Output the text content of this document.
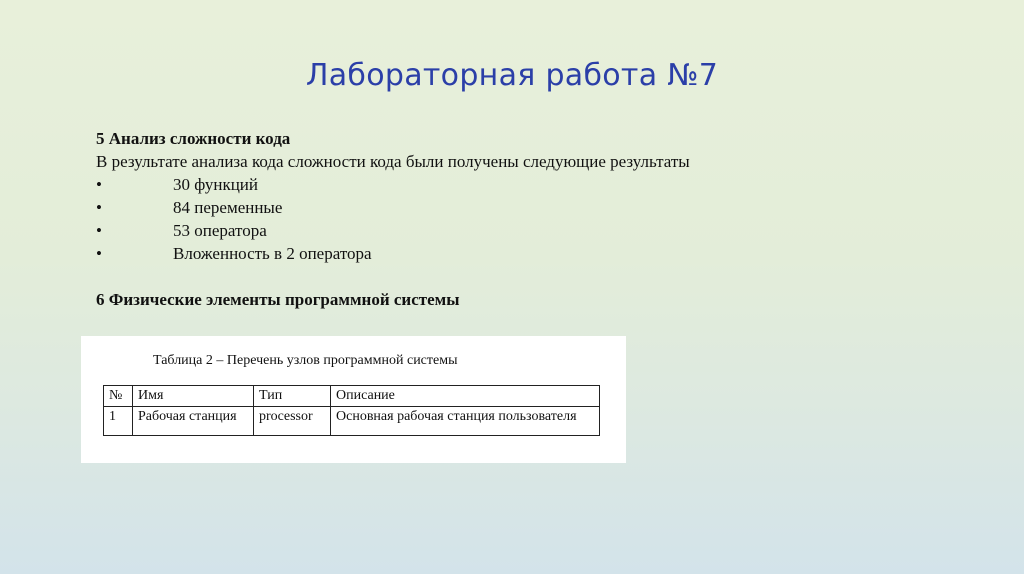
Лабораторная работа №7
5 Анализ сложности кода
В результате анализа кода сложности кода были получены следующие результаты
•	30 функций
•	84 переменные
•	53 оператора
•	Вложенность в 2 оператора
6 Физические элементы программной системы
Таблица 2 – Перечень узлов программной системы
№	Имя	Тип	Описание
1	Рабочая станция	processor	Основная рабочая станция пользователя
